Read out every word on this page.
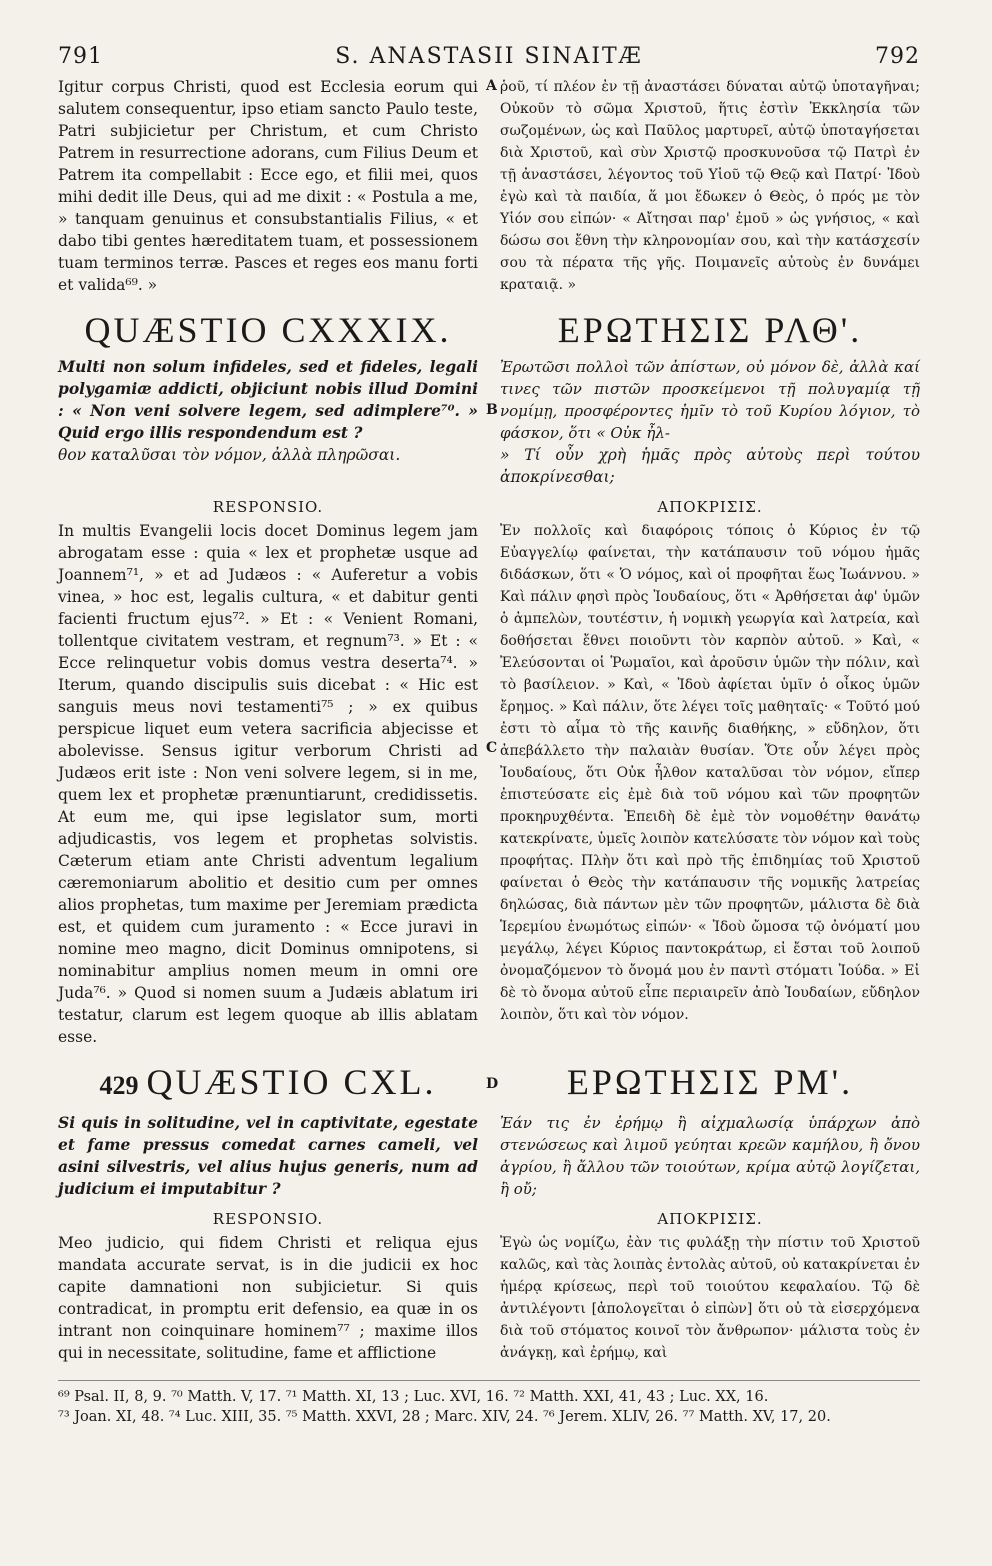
791	S. ANASTASII SINAITÆ	792

Igitur corpus Christi, quod est Ecclesia eorum qui salutem consequentur, ipso etiam sancto Paulo teste, Patri subjicietur per Christum, et cum Christo Patrem in resurrectione adorans, cum Filius Deum et Patrem ita compellabit : Ecce ego, et filii mei, quos mihi dedit ille Deus, qui ad me dixit : « Postula a me, » tanquam genuinus et consubstantialis Filius, « et dabo tibi gentes hæreditatem tuam, et possessionem tuam terminos terræ. Pasces et reges eos manu forti et valida⁶⁹. »

A ῥοῦ, τί πλέον ἐν τῇ ἀναστάσει δύναται αὐτῷ ὑποταγῆναι; Οὐκοῦν τὸ σῶμα Χριστοῦ, ἥτις ἐστὶν Ἐκκλησία τῶν σωζομένων, ὡς καὶ Παῦλος μαρτυρεῖ, αὐτῷ ὑποταγήσεται διὰ Χριστοῦ, καὶ σὺν Χριστῷ προσκυνοῦσα τῷ Πατρὶ ἐν τῇ ἀναστάσει, λέγοντος τοῦ Υἱοῦ τῷ Θεῷ καὶ Πατρί· Ἰδοὺ ἐγὼ καὶ τὰ παιδία, ἅ μοι ἔδωκεν ὁ Θεὸς, ὁ πρός με τὸν Υἱόν σου εἰπών· « Αἴτησαι παρ' ἐμοῦ » ὡς γνήσιος, « καὶ δώσω σοι ἔθνη τὴν κληρονομίαν σου, καὶ τὴν κατάσχεσίν σου τὰ πέρατα τῆς γῆς. Ποιμανεῖς αὐτοὺς ἐν δυνάμει κραταιᾷ. »

QUÆSTIO CXXXIX.	ΕΡΩΤΗΣΙΣ ΡΛΘ'.

Multi non solum infideles, sed et fideles, legali polygamiæ addicti, objiciunt nobis illud Domini : « Non veni solvere legem, sed adimplere⁷⁰. » Quid ergo illis respondendum est ?

B

Ἐρωτῶσι πολλοὶ τῶν ἀπίστων, οὐ μόνον δὲ, ἀλλὰ καί τινες τῶν πιστῶν προσκείμενοι τῇ πολυγαμίᾳ τῇ νομίμῃ, προσφέροντες ἡμῖν τὸ τοῦ Κυρίου λόγιον, τὸ φάσκον, ὅτι « Οὐκ ἦλ-

θον καταλῦσαι τὸν νόμον, ἀλλὰ πληρῶσαι.	» Τί οὖν χρὴ ἡμᾶς πρὸς αὐτοὺς περὶ τούτου ἀποκρίνεσθαι;

RESPONSIO.	ΑΠΟΚΡΙΣΙΣ.

In multis Evangelii locis docet Dominus legem jam abrogatam esse : quia « lex et prophetæ usque ad Joannem⁷¹, » et ad Judæos : « Auferetur a vobis vinea, » hoc est, legalis cultura, « et dabitur genti facienti fructum ejus⁷². » Et : « Venient Romani, tollentque civitatem vestram, et regnum⁷³. » Et : « Ecce relinquetur vobis domus vestra deserta⁷⁴. » Iterum, quando discipulis suis dicebat : « Hic est sanguis meus novi testamenti⁷⁵ ; » ex quibus perspicue liquet eum vetera sacrificia abjecisse et abolevisse. Sensus igitur verborum Christi ad Judæos erit iste : Non veni solvere legem, si in me, quem lex et prophetæ prænuntiarunt, credidissetis. At eum me, qui ipse legislator sum, morti adjudicastis, vos legem et prophetas solvistis. Cæterum etiam ante Christi adventum legalium cæremoniarum abolitio et desitio cum per omnes alios prophetas, tum maxime per Jeremiam prædicta est, et quidem cum juramento : « Ecce juravi in nomine meo magno, dicit Dominus omnipotens, si nominabitur amplius nomen meum in omni ore Juda⁷⁶. » Quod si nomen suum a Judæis ablatum iri testatur, clarum est legem quoque ab illis ablatam esse.

C
D

Ἐν πολλοῖς καὶ διαφόροις τόποις ὁ Κύριος ἐν τῷ Εὐαγγελίῳ φαίνεται, τὴν κατάπαυσιν τοῦ νόμου ἡμᾶς διδάσκων, ὅτι « Ὁ νόμος, καὶ οἱ προφῆται ἕως Ἰωάννου. » Καὶ πάλιν φησὶ πρὸς Ἰουδαίους, ὅτι « Ἀρθήσεται ἀφ' ὑμῶν ὁ ἀμπελὼν, τουτέστιν, ἡ νομικὴ γεωργία καὶ λατρεία, καὶ δοθήσεται ἔθνει ποιοῦντι τὸν καρπὸν αὐτοῦ. » Καὶ, « Ἐλεύσονται οἱ Ῥωμαῖοι, καὶ ἀροῦσιν ὑμῶν τὴν πόλιν, καὶ τὸ βασίλειον. » Καὶ, « Ἰδοὺ ἀφίεται ὑμῖν ὁ οἶκος ὑμῶν ἔρημος. » Καὶ πάλιν, ὅτε λέγει τοῖς μαθηταῖς· « Τοῦτό μού ἐστι τὸ αἷμα τὸ τῆς καινῆς διαθήκης, » εὔδηλον, ὅτι ἀπεβάλλετο τὴν παλαιὰν θυσίαν. Ὅτε οὖν λέγει πρὸς Ἰουδαίους, ὅτι Οὐκ ἦλθον καταλῦσαι τὸν νόμον, εἴπερ ἐπιστεύσατε εἰς ἐμὲ διὰ τοῦ νόμου καὶ τῶν προφητῶν προκηρυχθέντα. Ἐπειδὴ δὲ ἐμὲ τὸν νομοθέτην θανάτῳ κατεκρίνατε, ὑμεῖς λοιπὸν κατελύσατε τὸν νόμον καὶ τοὺς προφήτας. Πλὴν ὅτι καὶ πρὸ τῆς ἐπιδημίας τοῦ Χριστοῦ φαίνεται ὁ Θεὸς τὴν κατάπαυσιν τῆς νομικῆς λατρείας δηλώσας, διὰ πάντων μὲν τῶν προφητῶν, μάλιστα δὲ διὰ Ἱερεμίου ἐνωμότως εἰπών· « Ἰδοὺ ὤμοσα τῷ ὀνόματί μου μεγάλῳ, λέγει Κύριος παντοκράτωρ, εἰ ἔσται τοῦ λοιποῦ ὀνομαζόμενον τὸ ὄνομά μου ἐν παντὶ στόματι Ἰούδα. » Εἰ δὲ τὸ ὄνομα αὐτοῦ εἶπε περιαιρεῖν ἀπὸ Ἰουδαίων, εὔδηλον λοιπὸν, ὅτι καὶ τὸν νόμον.

429 QUÆSTIO CXL.	ΕΡΩΤΗΣΙΣ ΡΜ'.

Si quis in solitudine, vel in captivitate, egestate et fame pressus comedat carnes cameli, vel asini silvestris, vel alius hujus generis, num ad judicium ei imputabitur ?

Ἐάν τις ἐν ἐρήμῳ ἢ αἰχμαλωσίᾳ ὑπάρχων ἀπὸ στενώσεως καὶ λιμοῦ γεύηται κρεῶν καμήλου, ἢ ὄνου ἀγρίου, ἢ ἄλλου τῶν τοιούτων, κρίμα αὐτῷ λογίζεται, ἢ οὔ;

RESPONSIO.	ΑΠΟΚΡΙΣΙΣ.

Meo judicio, qui fidem Christi et reliqua ejus mandata accurate servat, is in die judicii ex hoc capite damnationi non subjicietur. Si quis contradicat, in promptu erit defensio, ea quæ in os intrant non coinquinare hominem⁷⁷ ; maxime illos qui in necessitate, solitudine, fame et afflictione

Ἐγὼ ὡς νομίζω, ἐὰν τις φυλάξῃ τὴν πίστιν τοῦ Χριστοῦ καλῶς, καὶ τὰς λοιπὰς ἐντολὰς αὐτοῦ, οὐ κατακρίνεται ἐν ἡμέρᾳ κρίσεως, περὶ τοῦ τοιούτου κεφαλαίου. Τῷ δὲ ἀντιλέγοντι [ἀπολογεῖται ὁ εἰπὼν] ὅτι οὐ τὰ εἰσερχόμενα διὰ τοῦ στόματος κοινοῖ τὸν ἄνθρωπον· μάλιστα τοὺς ἐν ἀνάγκῃ, καὶ ἐρήμῳ, καὶ

⁶⁹ Psal. II, 8, 9. ⁷⁰ Matth. V, 17. ⁷¹ Matth. XI, 13 ; Luc. XVI, 16. ⁷² Matth. XXI, 41, 43 ; Luc. XX, 16.
⁷³ Joan. XI, 48. ⁷⁴ Luc. XIII, 35. ⁷⁵ Matth. XXVI, 28 ; Marc. XIV, 24. ⁷⁶ Jerem. XLIV, 26. ⁷⁷ Matth. XV, 17, 20.
